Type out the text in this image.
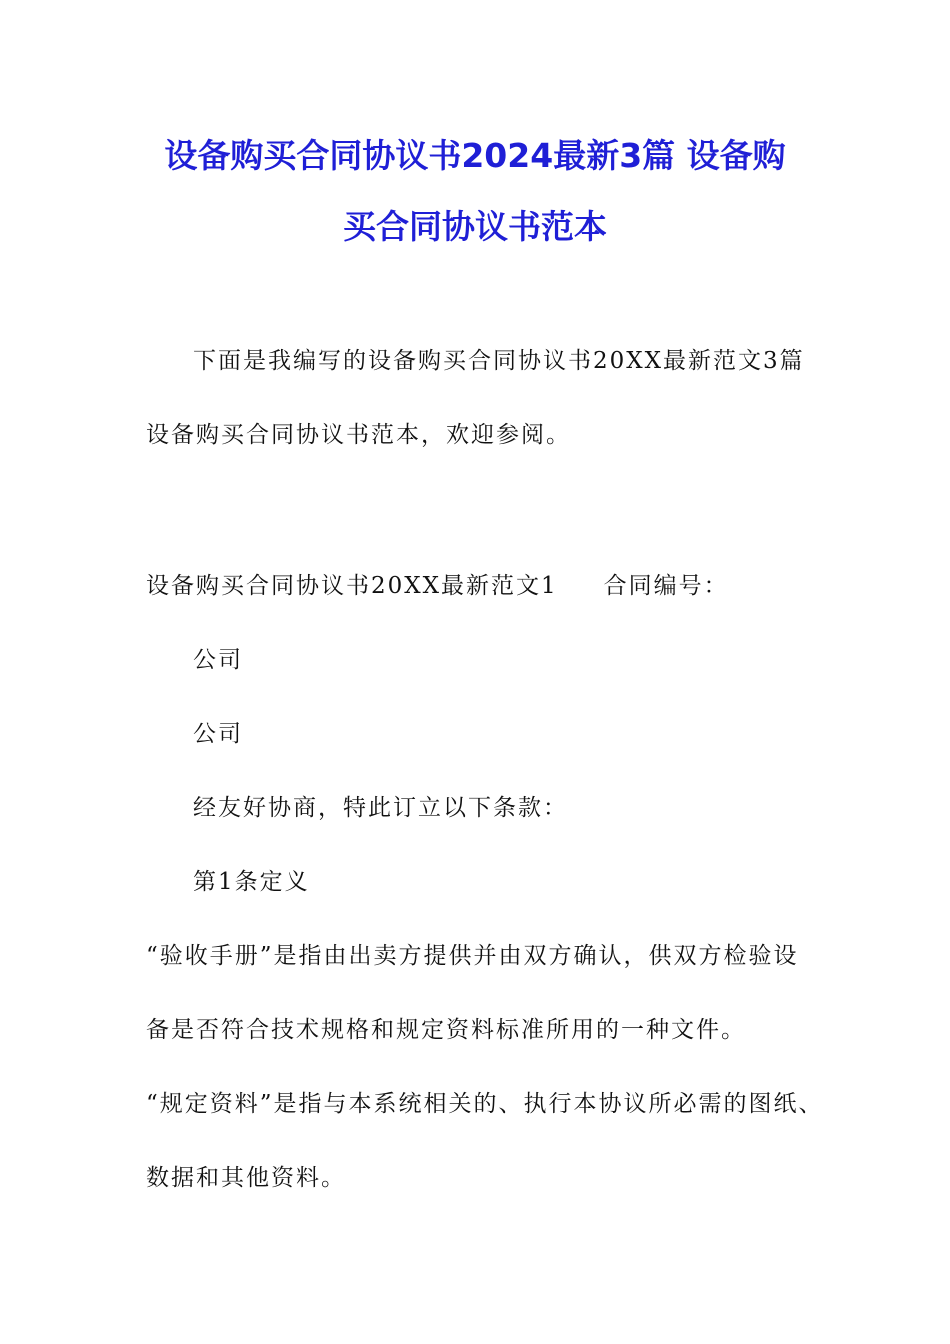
设备购买合同协议书2024最新3篇 设备购
买合同协议书范本
下面是我编写的设备购买合同协议书20XX最新范文3篇
设备购买合同协议书范本，欢迎参阅。
设备购买合同协议书20XX最新范文1 合同编号：
公司
公司
经友好协商，特此订立以下条款：
第1条定义
“验收手册”是指由出卖方提供并由双方确认，供双方检验设
备是否符合技术规格和规定资料标准所用的一种文件。
“规定资料”是指与本系统相关的、执行本协议所必需的图纸、
数据和其他资料。
